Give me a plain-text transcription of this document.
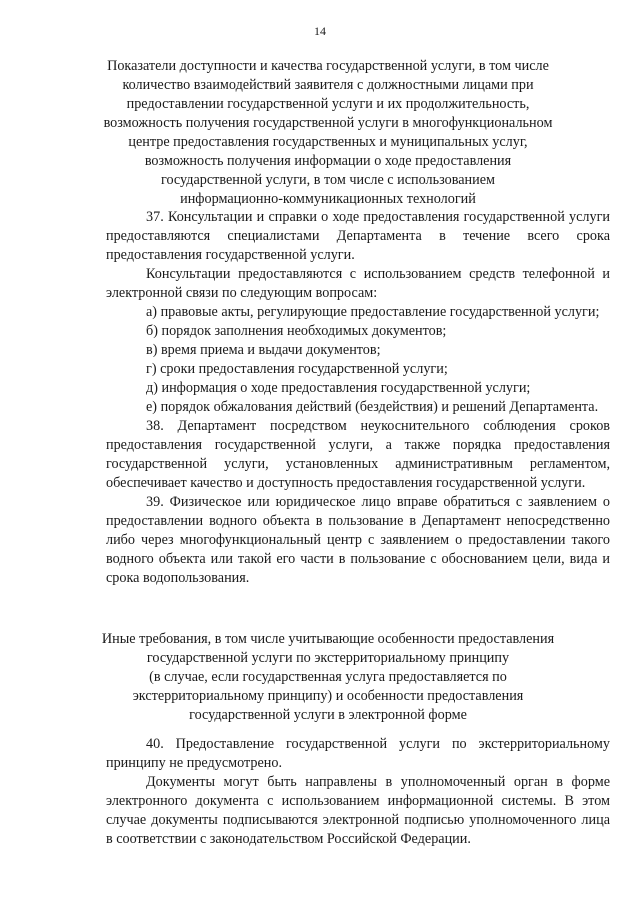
14
Показатели доступности и качества государственной услуги, в том числе
количество взаимодействий заявителя с должностными лицами при
предоставлении государственной услуги и их продолжительность,
возможность получения государственной услуги в многофункциональном
центре предоставления государственных и муниципальных услуг,
возможность получения информации о ходе предоставления
государственной услуги, в том числе с использованием
информационно-коммуникационных технологий

37. Консультации и справки о ходе предоставления государственной услуги предоставляются специалистами Департамента в течение всего срока предоставления государственной услуги.

Консультации предоставляются с использованием средств телефонной и электронной связи по следующим вопросам:

а) правовые акты, регулирующие предоставление государственной услуги;

б) порядок заполнения необходимых документов;

в) время приема и выдачи документов;

г) сроки предоставления государственной услуги;

д) информация о ходе предоставления государственной услуги;

е) порядок обжалования действий (бездействия) и решений Департамента.

38. Департамент посредством неукоснительного соблюдения сроков предоставления государственной услуги, а также порядка предоставления государственной услуги, установленных административным регламентом, обеспечивает качество и доступность предоставления государственной услуги.

39. Физическое или юридическое лицо вправе обратиться с заявлением о предоставлении водного объекта в пользование в Департамент непосредственно либо через многофункциональный центр с заявлением о предоставлении такого водного объекта или такой его части в пользование с обоснованием цели, вида и срока водопользования.

Иные требования, в том числе учитывающие особенности предоставления
государственной услуги по экстерриториальному принципу
(в случае, если государственная услуга предоставляется по
экстерриториальному принципу) и особенности предоставления
государственной услуги в электронной форме

40. Предоставление государственной услуги по экстерриториальному принципу не предусмотрено.

Документы могут быть направлены в уполномоченный орган в форме электронного документа с использованием информационной системы. В этом случае документы подписываются электронной подписью уполномоченного лица в соответствии с законодательством Российской Федерации.
